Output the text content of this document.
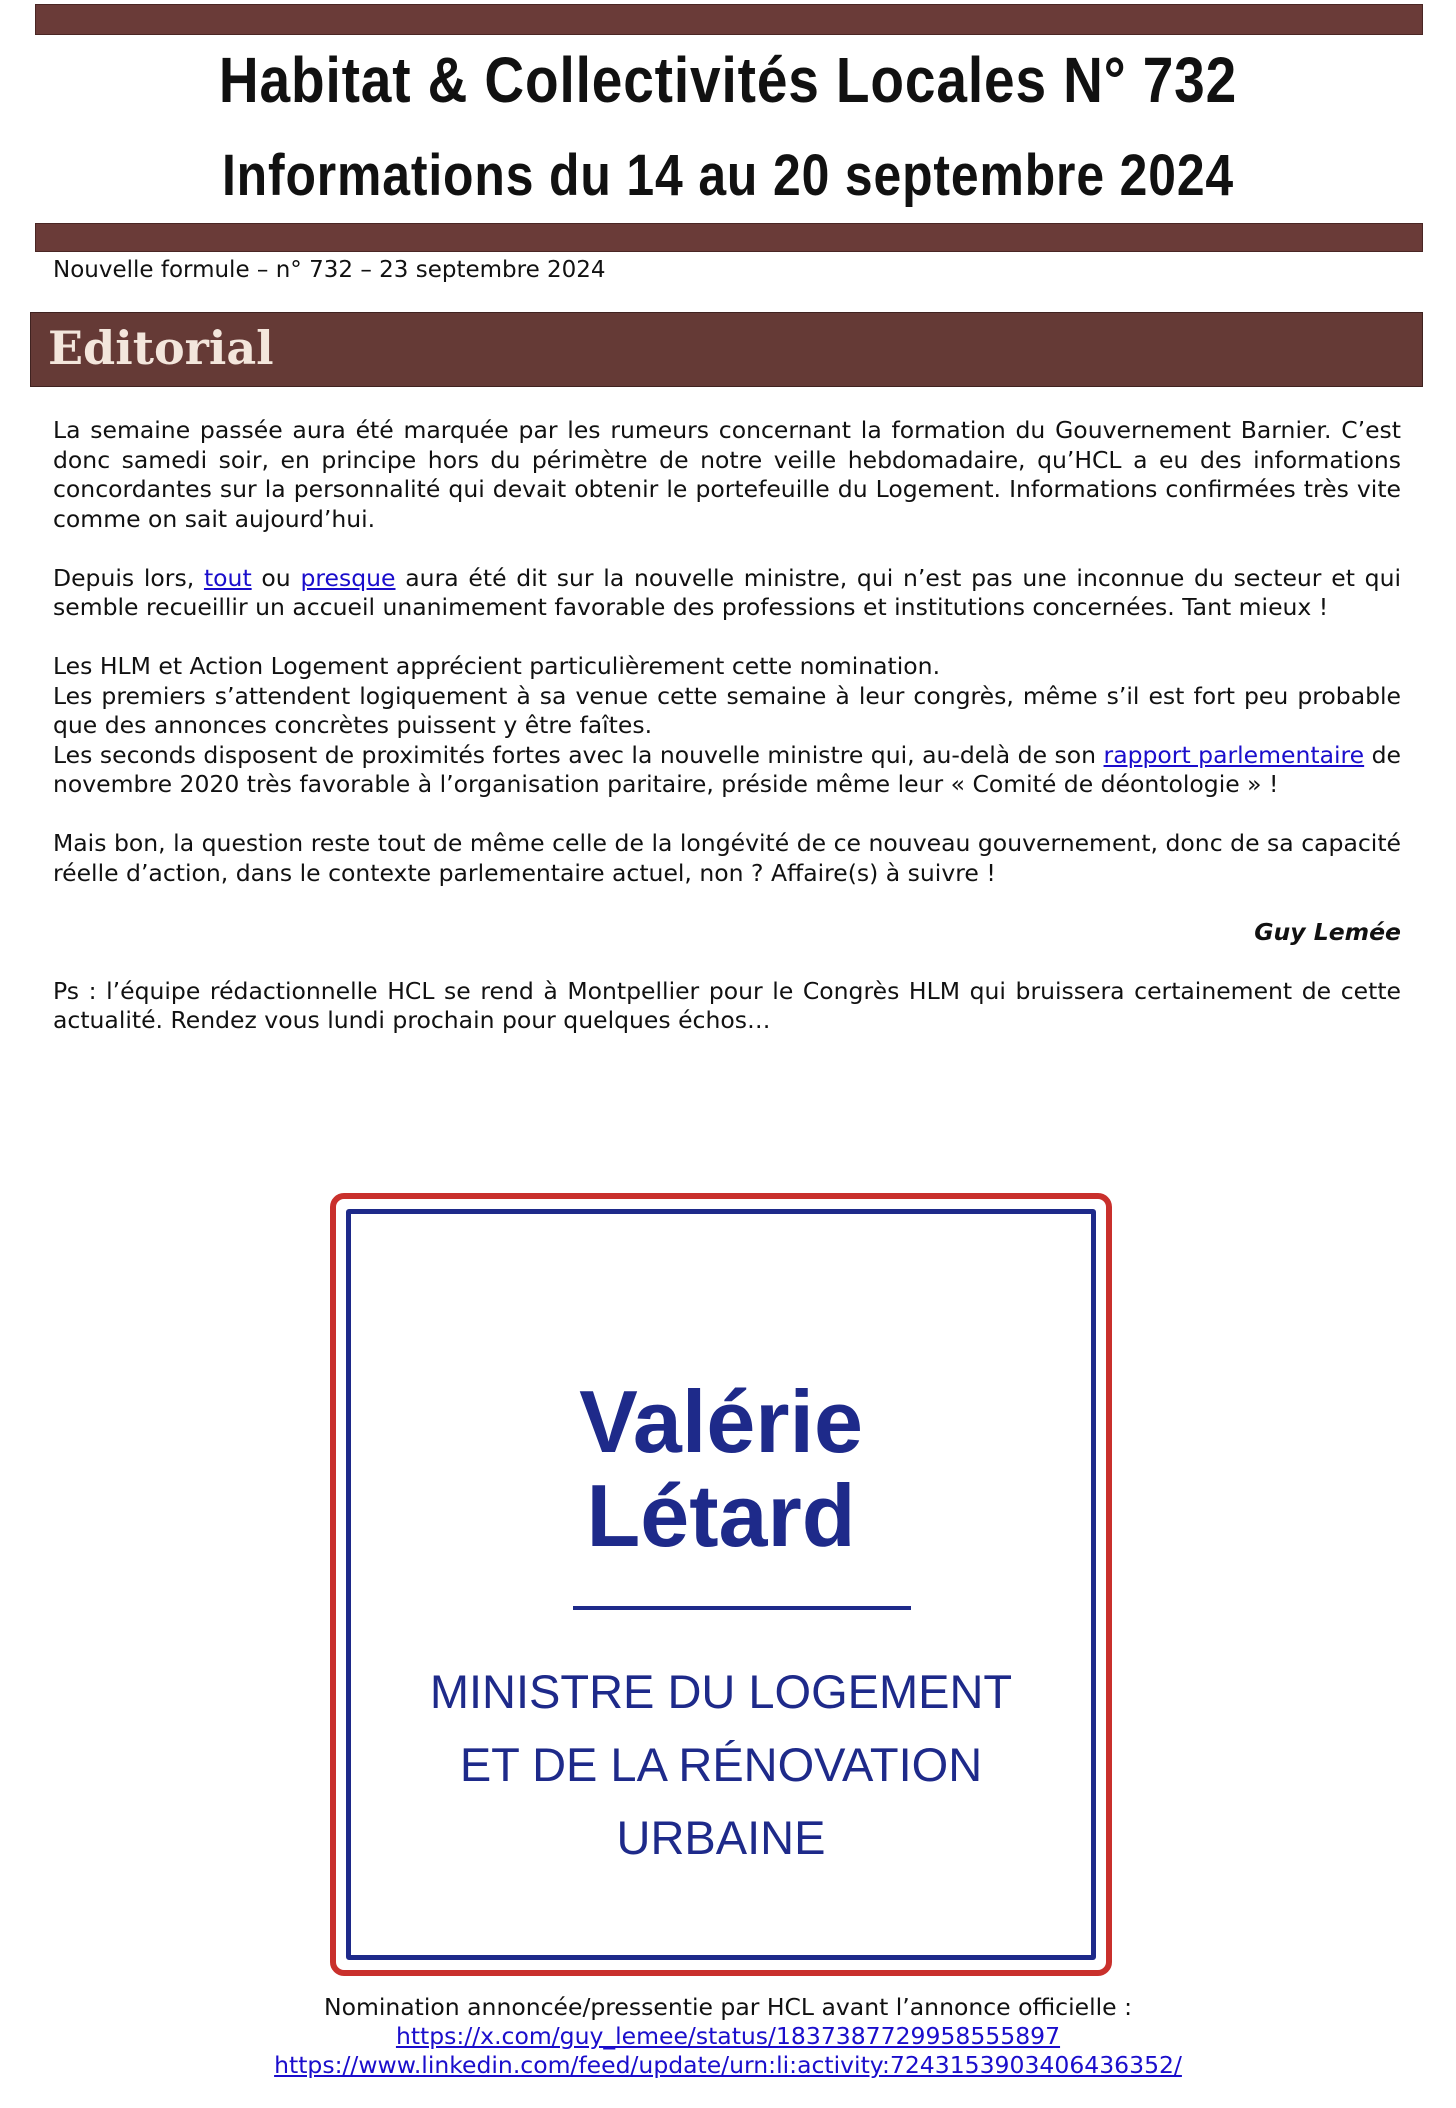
Habitat & Collectivités Locales N° 732
Informations du 14 au 20 septembre 2024
Nouvelle formule – n° 732 – 23 septembre 2024
Editorial

La semaine passée aura été marquée par les rumeurs concernant la formation du Gouvernement Barnier. C’est donc samedi soir, en principe hors du périmètre de notre veille hebdomadaire, qu’HCL a eu des informations concordantes sur la personnalité qui devait obtenir le portefeuille du Logement. Informations confirmées très vite comme on sait aujourd’hui.

Depuis lors, tout ou presque aura été dit sur la nouvelle ministre, qui n’est pas une inconnue du secteur et qui semble recueillir un accueil unanimement favorable des professions et institutions concernées. Tant mieux !

Les HLM et Action Logement apprécient particulièrement cette nomination.
Les premiers s’attendent logiquement à sa venue cette semaine à leur congrès, même s’il est fort peu probable que des annonces concrètes puissent y être faîtes.
Les seconds disposent de proximités fortes avec la nouvelle ministre qui, au-delà de son rapport parlementaire de novembre 2020 très favorable à l’organisation paritaire, préside même leur « Comité de déontologie » !

Mais bon, la question reste tout de même celle de la longévité de ce nouveau gouvernement, donc de sa capacité réelle d’action, dans le contexte parlementaire actuel, non ? Affaire(s) à suivre !

Guy Lemée

Ps : l’équipe rédactionnelle HCL se rend à Montpellier pour le Congrès HLM qui bruissera certainement de cette actualité. Rendez vous lundi prochain pour quelques échos…

Valérie
Létard
MINISTRE DU LOGEMENT
ET DE LA RÉNOVATION
URBAINE
Nomination annoncée/pressentie par HCL avant l’annonce officielle :
https://x.com/guy_lemee/status/1837387729958555897
https://www.linkedin.com/feed/update/urn:li:activity:7243153903406436352/
